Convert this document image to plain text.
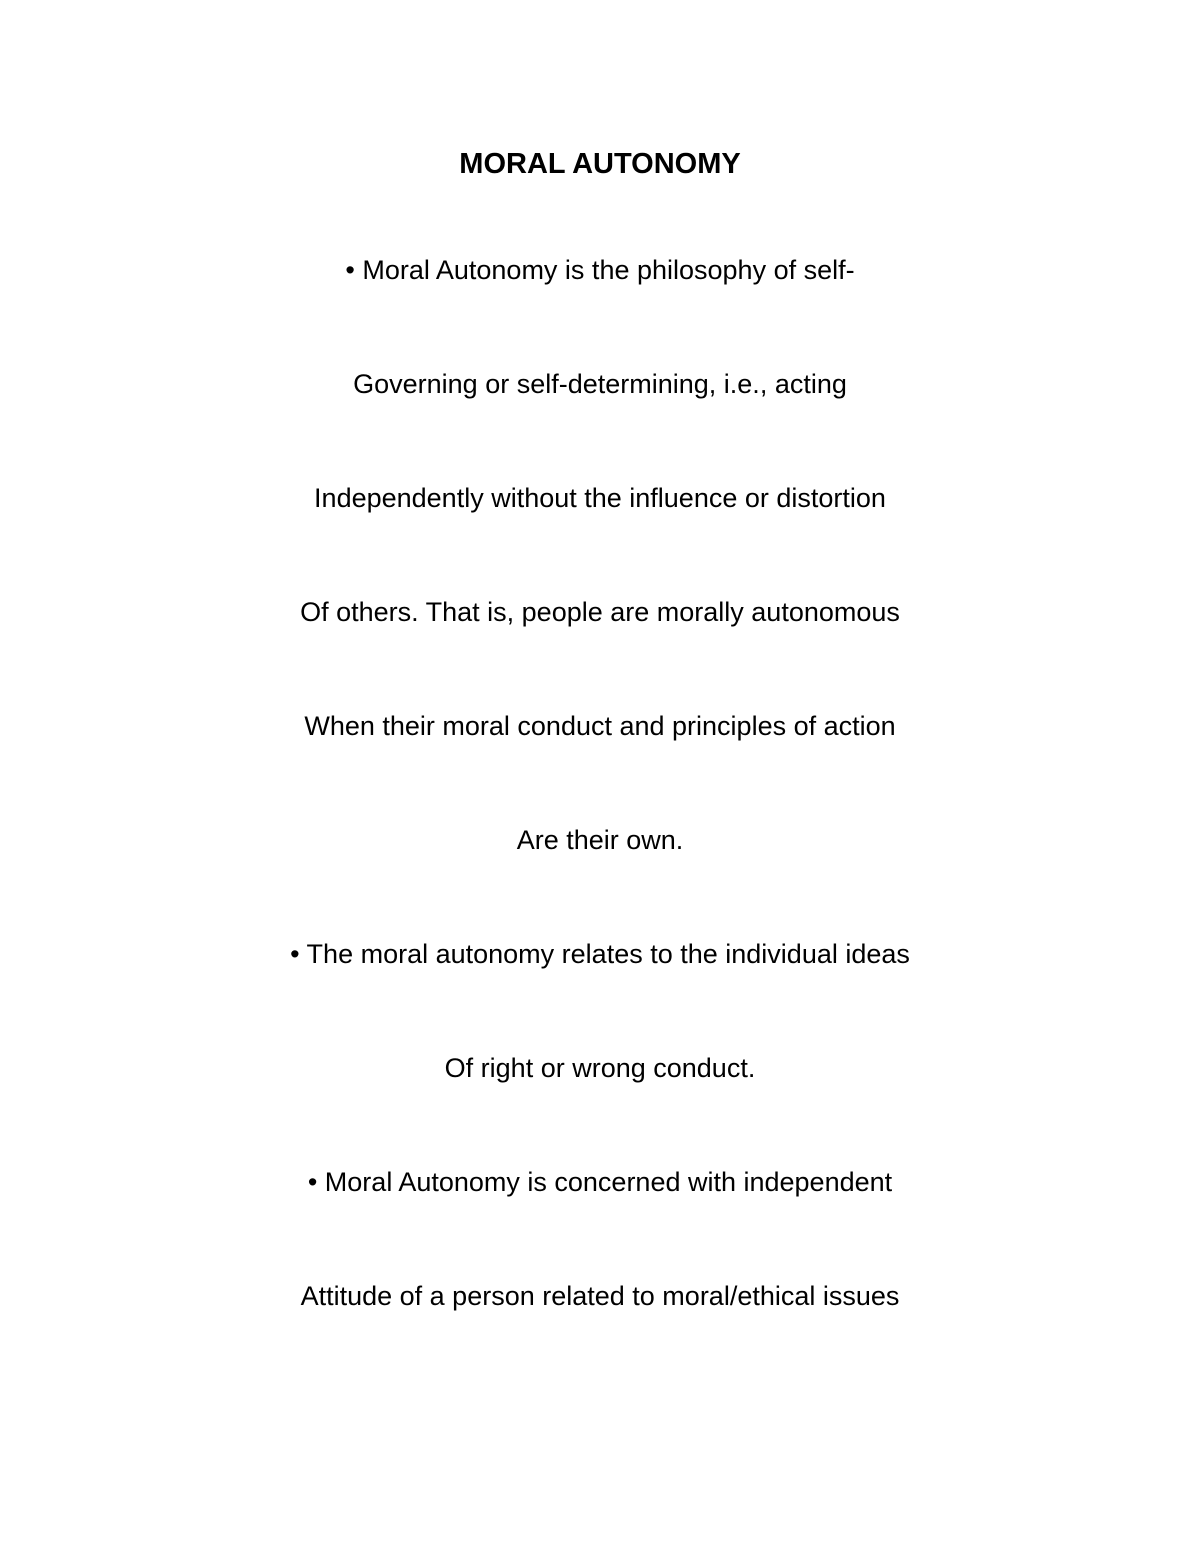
MORAL AUTONOMY
• Moral Autonomy is the philosophy of self-
Governing or self-determining, i.e., acting
Independently without the influence or distortion
Of others. That is, people are morally autonomous
When their moral conduct and principles of action
Are their own.
• The moral autonomy relates to the individual ideas
Of right or wrong conduct.
• Moral Autonomy is concerned with independent
Attitude of a person related to moral/ethical issues
